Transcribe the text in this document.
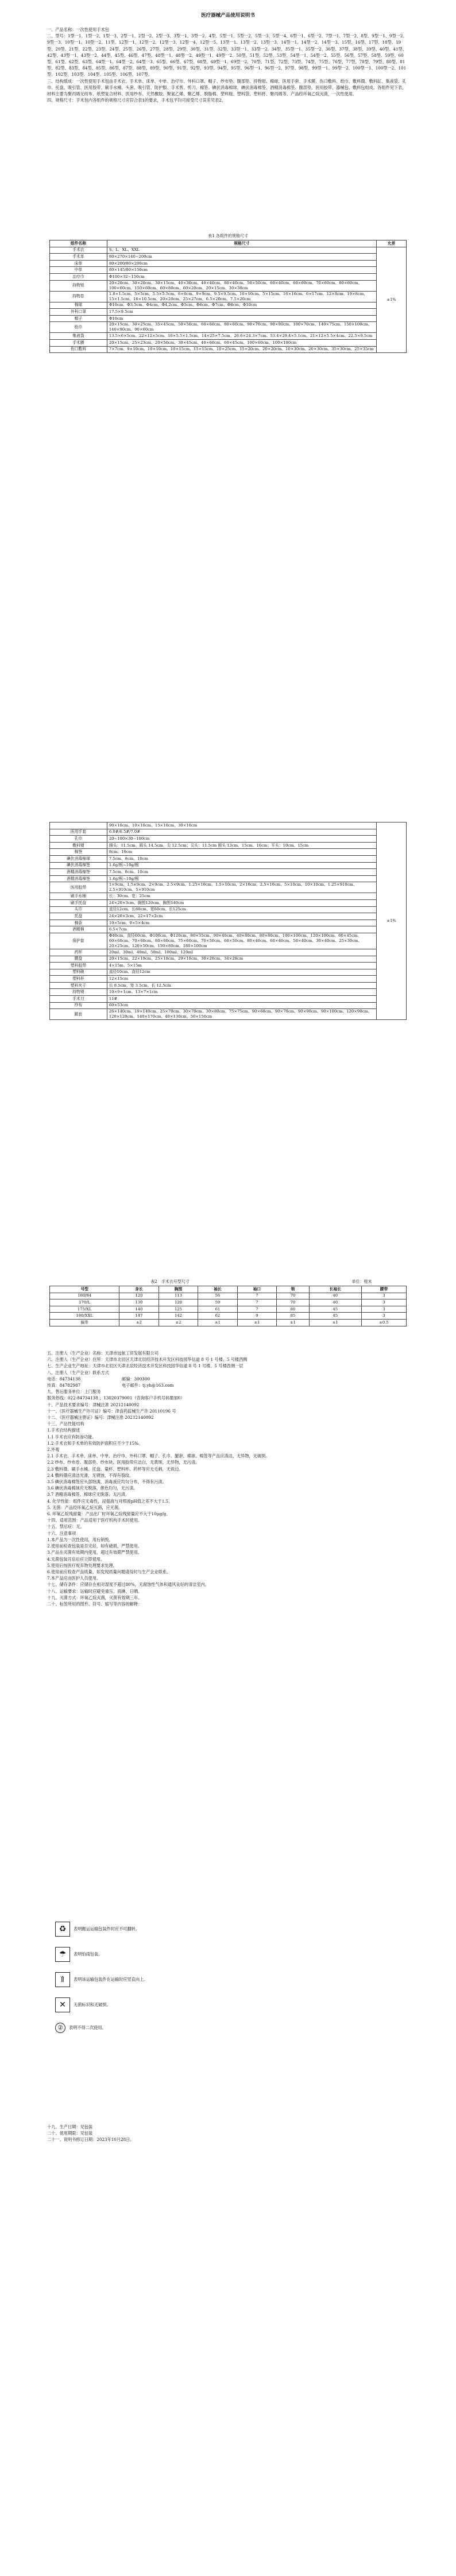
医疗器械产品使用说明书
一、产品名称：一次性使用手术包
二、型号：1型一1、1型一2、1型一3、2型一1、2型一2、2型一3、3型一1、3型一2、4型、5型一1、5型一2、5型一3、5型一4、6型一1、6型一2、7型一1、7型一2、8型、9型一1、9型一2、9型一3、10型一1、10型一2、11型、12型一1、12型一2、12型一3、12型一4、12型一5、13型一1、13型一2、13型一3、14型一1、14型一2、14型一3、15型、16型、17型、18型、19型、20型、21型、22型、23型、24型、25型、26型、27型、28型、29型、30型、31型、32型、33型一1、33型一2、34型、35型一1、35型一2、36型、37型、38型、39型、40型、41型、42型、43型一1、43型一2、44型、45型、46型、47型、48型一1、48型一2、49型一1、49型一2、50型、51型、52型、53型、54型一1、54型一2、55型、56型、57型、58型、59型、60型、61型、62型、63型、64型一1、64型一2、64型一3、65型、66型、67型、68型、69型一1、69型一2、70型、71型、72型、73型、74型、75型、76型、77型、78型、79型、80型、81型、82型、83型、84型、85型、86型、87型、88型、89型、90型、91型、92型、93型、94型、95型、96型一1、96型一2、97型、98型、99型一1、99型一2、100型一1、100型一2、101型、102型、103型、104型、105型、106型、107型。
三、结构组成：一次性使用手术包由手术衣、手术单、床单、中单、治疗巾、外科口罩、帽子、纱布垫、腹部垫、持物钳、棉球、医用手套、手术膜、伤口敷料、纸巾、敷料镊、敷料缸、集液袋、孔巾、托盘、吸引管、医用胶带、刷手水桶、头套、吸引管、防护服、手术剪、剪刀、棉签、碘伏消毒棉球、碘伏消毒棉签、酒精消毒棉签、腹部垫、医用胶带、器械包、敷料包组成。各组件见下表，材料主要为聚丙烯无纺布、纸塑复合材料、医用纱布、天然橡胶、聚氯乙烯、聚乙烯、脱脂棉、塑料瓶、塑料袋、塑料杯、聚丙烯等。产品经环氧乙烷灭菌，一次性使用。
四、规格尺寸：手术包内各组件的规格尺寸应符合表1的要求，手术包平均可接受尺寸误差见表2。
表1 各组件的规格尺寸
组件名称	规格尺寸	允差
手术衣	S、L、XL、XXL	±1%
手术单	80×270×140~200cm	
床单	80×200/80×200cm	
中单	80×145/80×150cm	
治疗巾	Φ100×32~150cm	
持物钳	20×20cm、30×20cm、30×15cm、40×30cm、40×40cm、80×40cm、50×50cm、60×40cm、60×60cm、70×60cm、80×60cm、100×60cm、150×60cm、60×80cm、60×20cm、20×15cm、30×30cm	
持物卷	1.8×1.5cm、5×5cm、5.5×5.5cm、6×6cm、9×9cm、9.5×9.5cm、10×10cm、5×15cm、16×16cm、6×17cm、12×8cm、19×8cm、15×1.5cm、16×10.5cm、20×20cm、25×27cm、6.5×20cm、7.5×20cm	
棉球	Φ10cm、Φ3.5cm、Φ4cm、Φ4.2cm、Φ5cm、Φ6cm、Φ7cm、Φ8cm、Φ10cm	
外科口罩	17.5×9.5cm	
帽子	Φ10cm	
纸巾	20×15cm、30×25cm、35×45cm、50×50cm、60×60cm、80×60cm、90×70cm、90×90cm、100×70cm、140×75cm、150×100cm、140×90cm、90×60cm	
集液袋	13.5×6×5cm、22×12×5cm、10×5.5×1.5cm、14×25×7.5cm、26.6×24.3×7cm、53.4×29.4×5.1cm、21×12×5.5×4cm、22.5×9.5cm	
手术膜	20×15cm、25×23cm、20×50cm、30×45cm、40×60cm、60×45cm、100×60cm、100×100cm	
伤口敷料	7×7cm、9×10cm、10×10cm、10×15cm、15×15cm、10×25cm、15×20cm、20×20cm、10×30cm、20×30cm、35×30cm、25×35cm	
	90×10cm、10×10cm、15×10cm、30×10cm	±1%
医用手套	6.0#/6.5#/7.0#	
孔巾	20~100×30~100cm	
敷料镊	圆头：11.5cm、圆头 14.5cm、尖 12.5cm；尖头：11.5cm 圆头 13cm、15cm、16cm；平头：10cm、15cm	
棉签	8cm、10cm	
碘伏消毒棉球	7.5cm、8cm、10cm	
碘伏消毒棉签	1.6g/根~10g/根	
酒精消毒棉签	7.5cm、8cm、10cm	
酒精消毒棉签	1.6g/根~10g/根	
医用胶带	1×9cm、1.5×9cm、2×9cm、2.5×9cm、1.25×10cm、1.5×10cm、2×10cm、2.5×10cm、5×10cm、10×10cm、1.25×910cm、2.5×910cm、5×910cm	
刷手水桶	长：30cm、宽：25cm	
刷手托盘	24×20×3cm、胸围120cm、胸围140cm	
头巾	直径12cm、长80cm、宽60cm、长125cm	
托盘	24×20×3cm、22×17×2cm	
棉条	10×5cm、9×5×4cm	
酒精棉	6.5×7cm	
保护套	Φ40cm、直径60cm、Φ100cm、Φ120cm、80×35cm、90×40cm、40×80cm、80×80cm、100×100cm、120×100cm、60×45cm、60×60cm、70×60cm、80×60cm、75×60cm、70×50cm、60×50cm、80×40cm、60×40cm、50×40cm、30×40cm、25×30cm、20×25cm、120×50cm、150×80cm、180×100cm	
药杯	20ml、30ml、40ml、50ml、100ml、120ml	
腰盘	20×15cm、22×19cm、25×18cm、29×18cm、30×20cm、34×28cm	
塑料胶带	4×15m、5×15m	
塑料碗	直径10cm、直径12cm	
塑料杯	12×15cm	
塑料夹子	长 8.5cm、宽 3.5cm、长 12.5cm	
持物镊	10×9×1cm、13×7×1cm	
手术刀	11#	
纱布	60×53cm	
腿套	26×140cm、19×140cm、25×70cm、30×70cm、30×80cm、75×75cm、90×60cm、90×70cm、90×90cm、90×100cm、120×90cm、120×120cm、140×170cm、40×130cm、50×150cm	
表2　手术衣号型尺寸	单位：厘米
号型	身长	胸围	袖长	袖口	领	长袖长	腰带
160/84	120	113	56	7	70	40	3
170/L	130	120	59	7	70	40	3
175/XL	140	125	61	7	80	45	3
180/XXL	147	142	62	9	85	45	3
偏差	±2	±2	±1	±1	±1	±1	±0.5
五、注册人（生产企业）名称：天津市远航工贸发展有限公司
六、注册人（生产企业）住所：天津市北辰区天津北辰经济技术开发区科技园华信道 8 号 1 号楼、5 号楼西侧
七、生产企业生产地址：天津市北辰区天津北辰经济技术开发区科技园华信道 8 号 1 号楼、5 号楼西侧一层
八、注册人（生产企业）联系方式
电话：84734138　　　　　　　　　　邮编：300300
传真：84782987　　　　　　　　　　电子邮件：tj.yh@163.com
九、售后服务单位：上门服务
服务热线：022-84734138 ；13020379001（咨询客户手机号码要加0）
十、产品技术要求编号：津械注准 20212140092
十一、《医疗器械生产许可证》编号：津食药监械生产许 20110196 号
十二、《医疗器械注册证》编号：津械注准 20212140092
十三、产品性能结构
1.手术衣结构描述
1.1 手术衣应有防渗功能。
1.2 手术衣和手术单的有效防护面积应不少于15%。
2.外观
2.1 手术衣、手术单、床单、中单、治疗巾、外科口罩、帽子、孔巾、腿套、棉球、棉签等产品应清洁，无异物，无破损。
2.2 纱布、纱布卷、腹部垫、纱布块、医用胶带应洁白，无黄斑，无异物，无污渍。
2.3 敷料镊、刷手水桶、托盘、量杯、塑料杯、药杯等应无毛刺，无锐边。
2.4 敷料镊应清洁光滑，无锈蚀，不得有裂纹。
3.5 碘伏消毒棉签应头部饱满，消毒液应均匀分布，不得有污渍。
3.6 碘伏消毒棉球应无脱落，颜色均匀，无污渍。
3.7 酒精消毒棉签、棉球应无脱落，无污渍。
4. 化学性能：组件应无毒性，浸提液与对照液pH值之差不大于1.5。
5. 无菌：产品经环氧乙烷灭菌，应无菌。
6. 环氧乙烷残留量：产品出厂时环氧乙烷残留量应不大于10μg/g。
十四、适用范围：产品适用于医疗机构手术时使用。
十五、禁忌症：无。
十六、注意事项
1.本产品为一次性使用，用后销毁。
2.使用前检查包装是否完好，如有破损，严禁使用。
3.产品在灭菌有效期内使用，超过有效期严禁使用。
4.无菌包装开启后应立即使用。
5.使用后按医疗废弃物处理要求处理。
6.使用前应检查产品质量，如发现质量问题请及时与生产企业联系。
7.本产品应由医护人员使用。
十七、储存条件：应储存在相对湿度不超过80%，无腐蚀性气体和通风良好的清洁室内。
十八、运输要求：运输时应避免重压、雨淋、日晒。
十九、灭菌方式：环氧乙烷灭菌，灭菌有效期三年。
二十、标签所用的图形、符号、缩写等内容的解释：
♻ 表明搬运运输包装件时应不可翻转。
☂ 表明怕雨包装。
⇑ 表明该运输包装件在运输时应竖直向上。
✕ 无菌标识和无破损。
② 表明不得二次使用。
十九、生产日期：见包装
二十、使用期限：见包装
二十一、说明书修订日期：2023年10月28日。
